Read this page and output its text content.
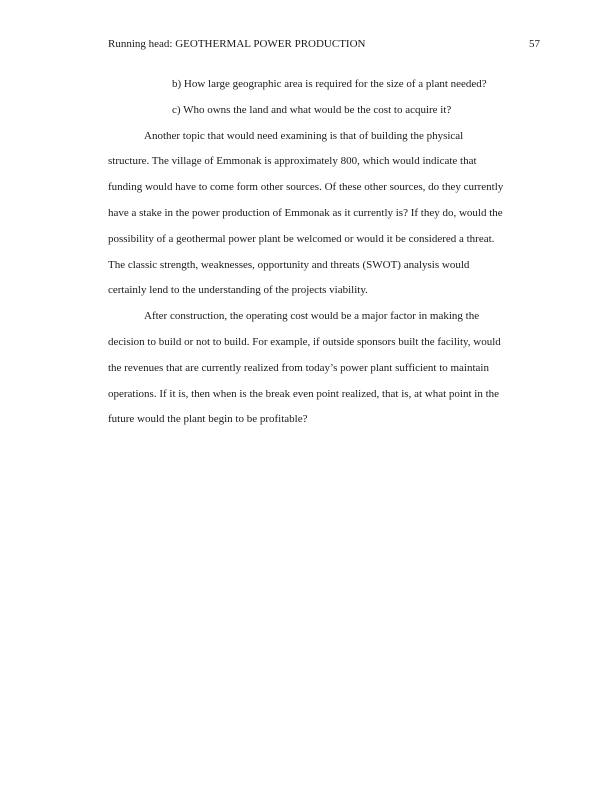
Running head: GEOTHERMAL POWER PRODUCTION	57
b) How large geographic area is required for the size of a plant needed?
c) Who owns the land and what would be the cost to acquire it?
Another topic that would need examining is that of building the physical
structure. The village of Emmonak is approximately 800, which would indicate that
funding would have to come form other sources. Of these other sources, do they currently
have a stake in the power production of Emmonak as it currently is? If they do, would the
possibility of a geothermal power plant be welcomed or would it be considered a threat.
The classic strength, weaknesses, opportunity and threats (SWOT) analysis would
certainly lend to the understanding of the projects viability.
After construction, the operating cost would be a major factor in making the
decision to build or not to build. For example, if outside sponsors built the facility, would
the revenues that are currently realized from today’s power plant sufficient to maintain
operations. If it is, then when is the break even point realized, that is, at what point in the
future would the plant begin to be profitable?
